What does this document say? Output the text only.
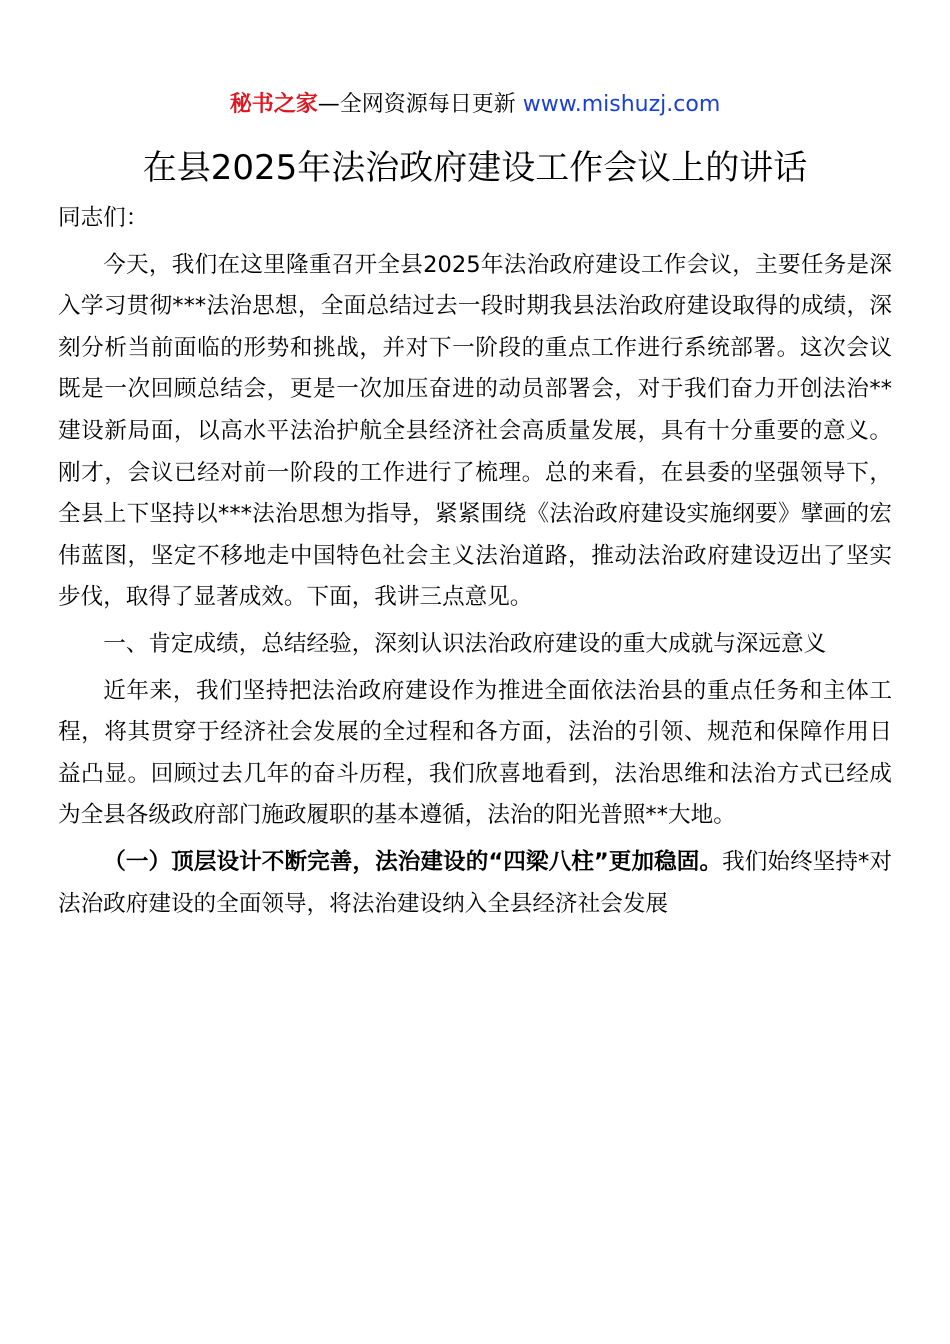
秘书之家—全网资源每日更新 www.mishuzj.com
在县2025年法治政府建设工作会议上的讲话

同志们：

今天，我们在这里隆重召开全县2025年法治政府建设工作会议，主要任务是深入学习贯彻***法治思想，全面总结过去一段时期我县法治政府建设取得的成绩，深刻分析当前面临的形势和挑战，并对下一阶段的重点工作进行系统部署。这次会议既是一次回顾总结会，更是一次加压奋进的动员部署会，对于我们奋力开创法治**建设新局面，以高水平法治护航全县经济社会高质量发展，具有十分重要的意义。刚才，会议已经对前一阶段的工作进行了梳理。总的来看，在县委的坚强领导下，全县上下坚持以***法治思想为指导，紧紧围绕《法治政府建设实施纲要》擘画的宏伟蓝图，坚定不移地走中国特色社会主义法治道路，推动法治政府建设迈出了坚实步伐，取得了显著成效。下面，我讲三点意见。

一、肯定成绩，总结经验，深刻认识法治政府建设的重大成就与深远意义

近年来，我们坚持把法治政府建设作为推进全面依法治县的重点任务和主体工程，将其贯穿于经济社会发展的全过程和各方面，法治的引领、规范和保障作用日益凸显。回顾过去几年的奋斗历程，我们欣喜地看到，法治思维和法治方式已经成为全县各级政府部门施政履职的基本遵循，法治的阳光普照**大地。

（一）顶层设计不断完善，法治建设的“四梁八柱”更加稳固。我们始终坚持*对法治政府建设的全面领导，将法治建设纳入全县经济社会发展
